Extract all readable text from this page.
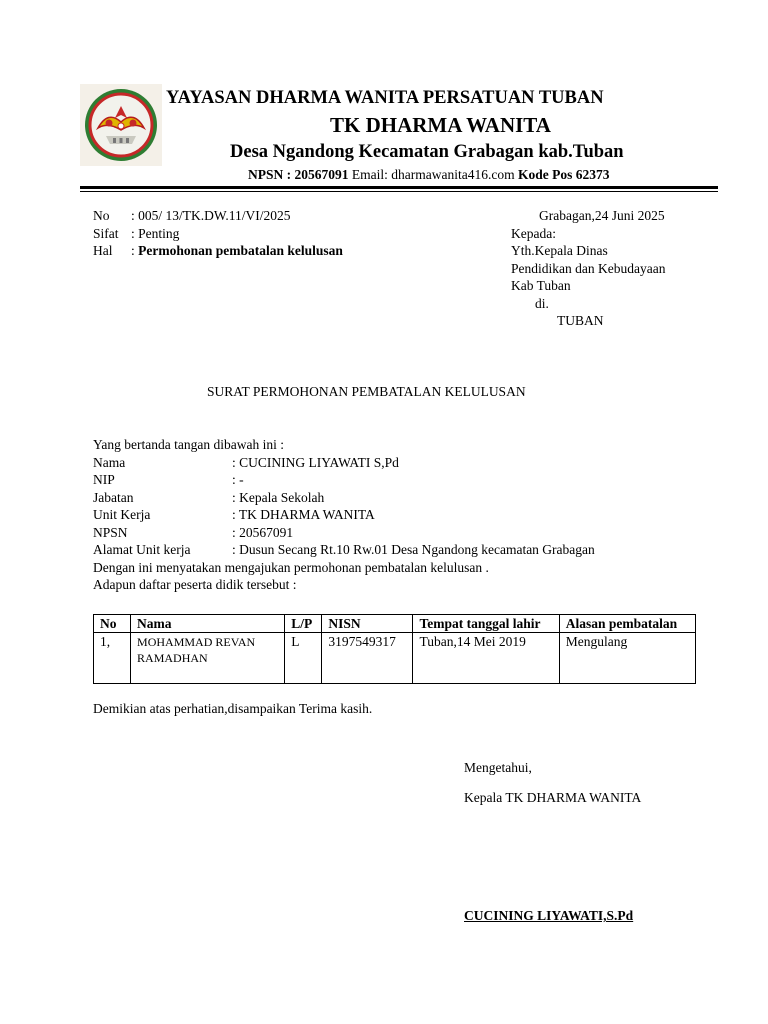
YAYASAN DHARMA WANITA PERSATUAN TUBAN
TK DHARMA WANITA
Desa Ngandong Kecamatan Grabagan kab.Tuban
NPSN : 20567091 Email: dharmawanita416.com Kode Pos 62373
No : 005/ 13/TK.DW.11/VI/2025
Sifat : Penting
Hal : Permohonan pembatalan kelulusan
Grabagan,24 Juni 2025
Kepada:
Yth.Kepala Dinas
Pendidikan dan Kebudayaan
Kab Tuban
di.
TUBAN
SURAT PERMOHONAN PEMBATALAN KELULUSAN
Yang bertanda tangan dibawah ini :
Nama	: CUCINING LIYAWATI S,Pd
NIP	: -
Jabatan	: Kepala Sekolah
Unit Kerja	: TK DHARMA WANITA
NPSN	: 20567091
Alamat Unit kerja	: Dusun Secang Rt.10 Rw.01 Desa Ngandong kecamatan Grabagan
Dengan ini menyatakan mengajukan permohonan pembatalan kelulusan .
Adapun daftar peserta didik tersebut :
No	Nama	L/P	NISN	Tempat tanggal lahir	Alasan pembatalan
1,	MOHAMMAD REVAN RAMADHAN	L	3197549317	Tuban,14 Mei 2019	Mengulang
Demikian atas perhatian,disampaikan Terima kasih.
Mengetahui,
Kepala TK DHARMA WANITA
CUCINING LIYAWATI,S.Pd
